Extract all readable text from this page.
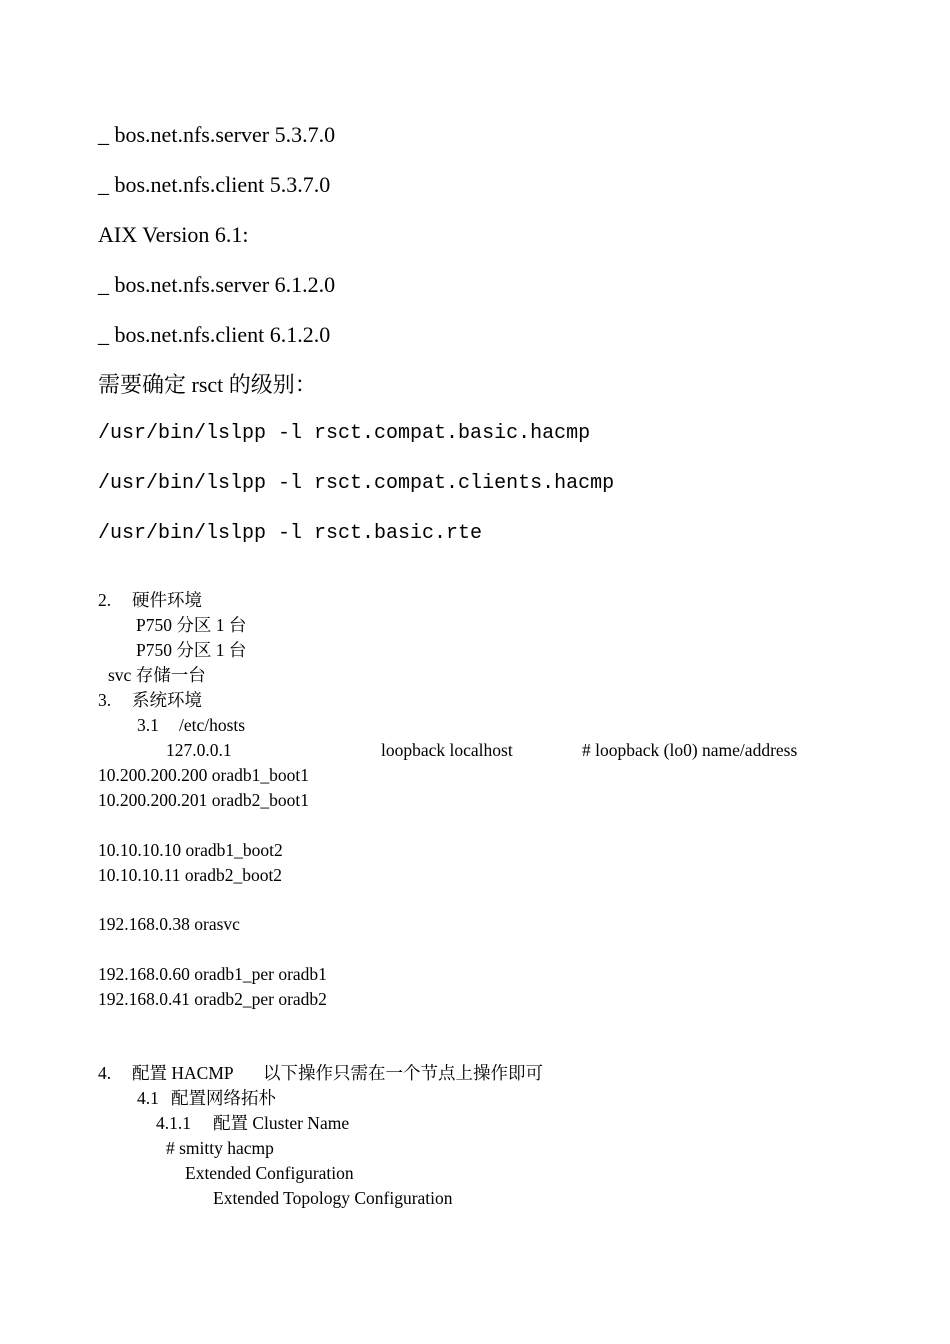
_ bos.net.nfs.server 5.3.7.0
_ bos.net.nfs.client 5.3.7.0
AIX Version 6.1:
_ bos.net.nfs.server 6.1.2.0
_ bos.net.nfs.client 6.1.2.0
需要确定 rsct 的级别：
/usr/bin/lslpp -l rsct.compat.basic.hacmp
/usr/bin/lslpp -l rsct.compat.clients.hacmp
/usr/bin/lslpp -l rsct.basic.rte
2. 硬件环境
P750 分区 1 台
P750 分区 1 台
svc 存储一台
3. 系统环境
3.1 /etc/hosts
127.0.0.1	loopback localhost	# loopback (lo0) name/address
10.200.200.200 oradb1_boot1
10.200.200.201 oradb2_boot1
10.10.10.10 oradb1_boot2
10.10.10.11 oradb2_boot2
192.168.0.38 orasvc
192.168.0.60 oradb1_per oradb1
192.168.0.41 oradb2_per oradb2
4. 配置 HACMP 以下操作只需在一个节点上操作即可
4.1 配置网络拓朴
4.1.1 配置 Cluster Name
# smitty hacmp
Extended Configuration
Extended Topology Configuration
